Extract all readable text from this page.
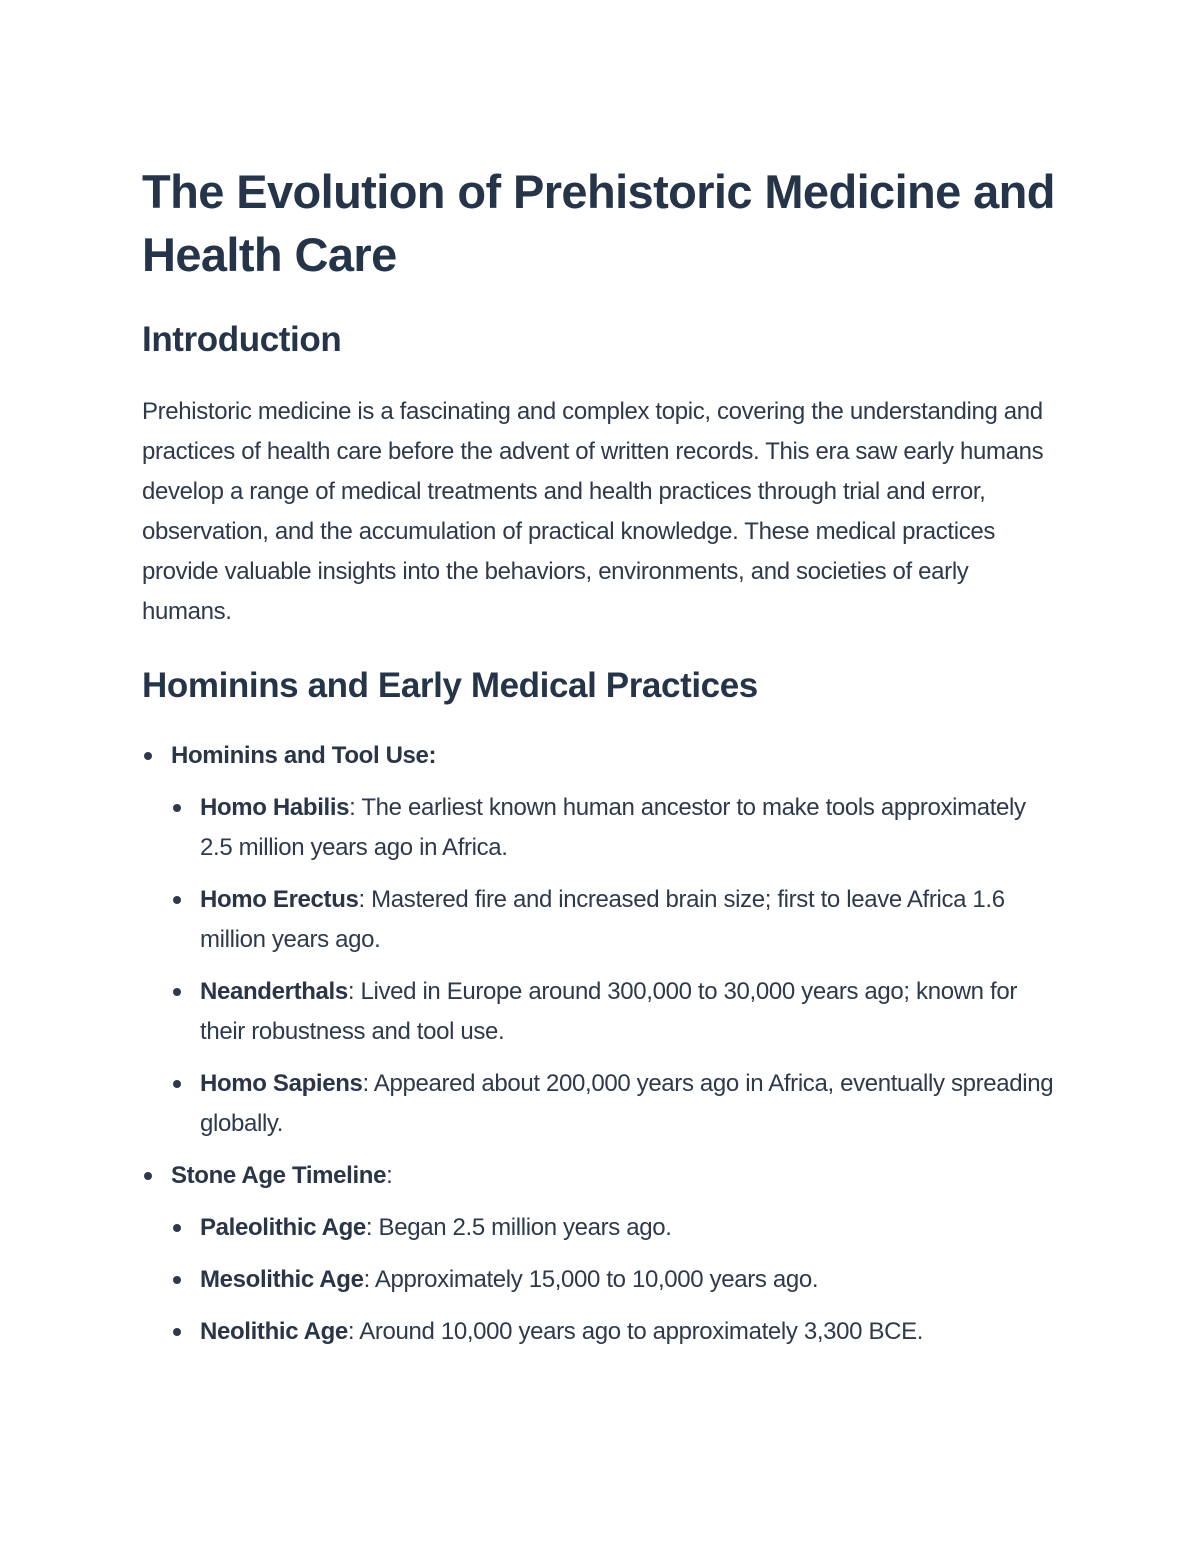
The Evolution of Prehistoric Medicine and Health Care
Introduction

Prehistoric medicine is a fascinating and complex topic, covering the understanding and practices of health care before the advent of written records. This era saw early humans develop a range of medical treatments and health practices through trial and error, observation, and the accumulation of practical knowledge. These medical practices provide valuable insights into the behaviors, environments, and societies of early humans.

Hominins and Early Medical Practices
Hominins and Tool Use:
Homo Habilis: The earliest known human ancestor to make tools approximately 2.5 million years ago in Africa.
Homo Erectus: Mastered fire and increased brain size; first to leave Africa 1.6 million years ago.
Neanderthals: Lived in Europe around 300,000 to 30,000 years ago; known for their robustness and tool use.
Homo Sapiens: Appeared about 200,000 years ago in Africa, eventually spreading globally.
Stone Age Timeline:
Paleolithic Age: Began 2.5 million years ago.
Mesolithic Age: Approximately 15,000 to 10,000 years ago.
Neolithic Age: Around 10,000 years ago to approximately 3,300 BCE.
